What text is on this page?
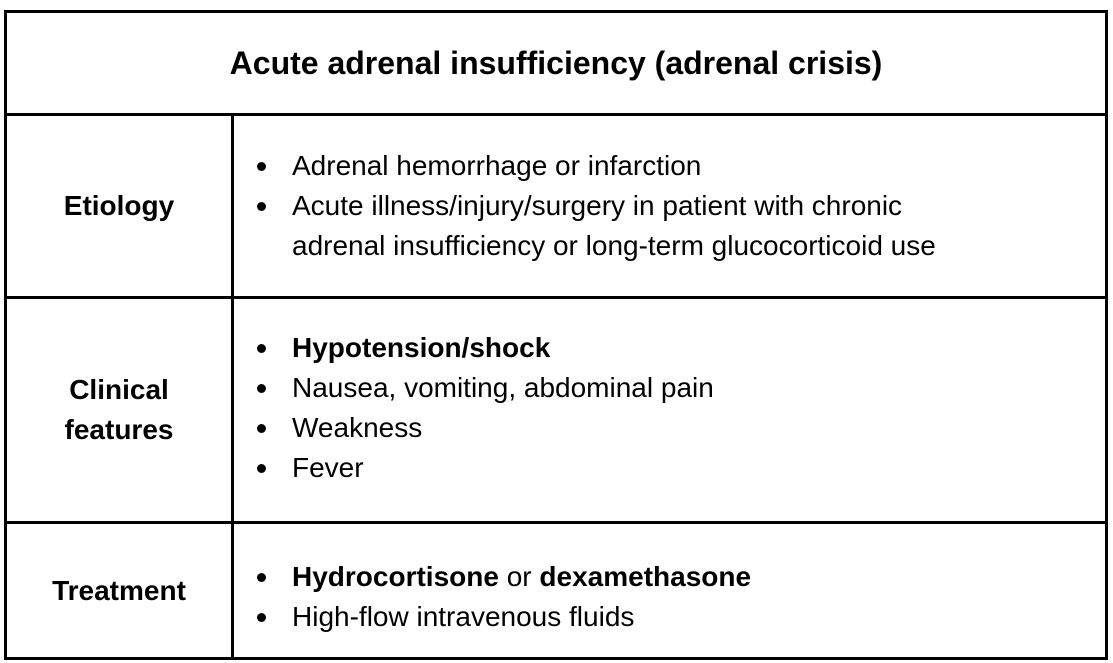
Acute adrenal insufficiency (adrenal crisis)
Etiology
Adrenal hemorrhage or infarction
Acute illness/injury/surgery in patient with chronic
adrenal insufficiency or long-term glucocorticoid use
Clinical
features
Hypotension/shock
Nausea, vomiting, abdominal pain
Weakness
Fever
Treatment	Hydrocortisone or dexamethasone
High-flow intravenous fluids
